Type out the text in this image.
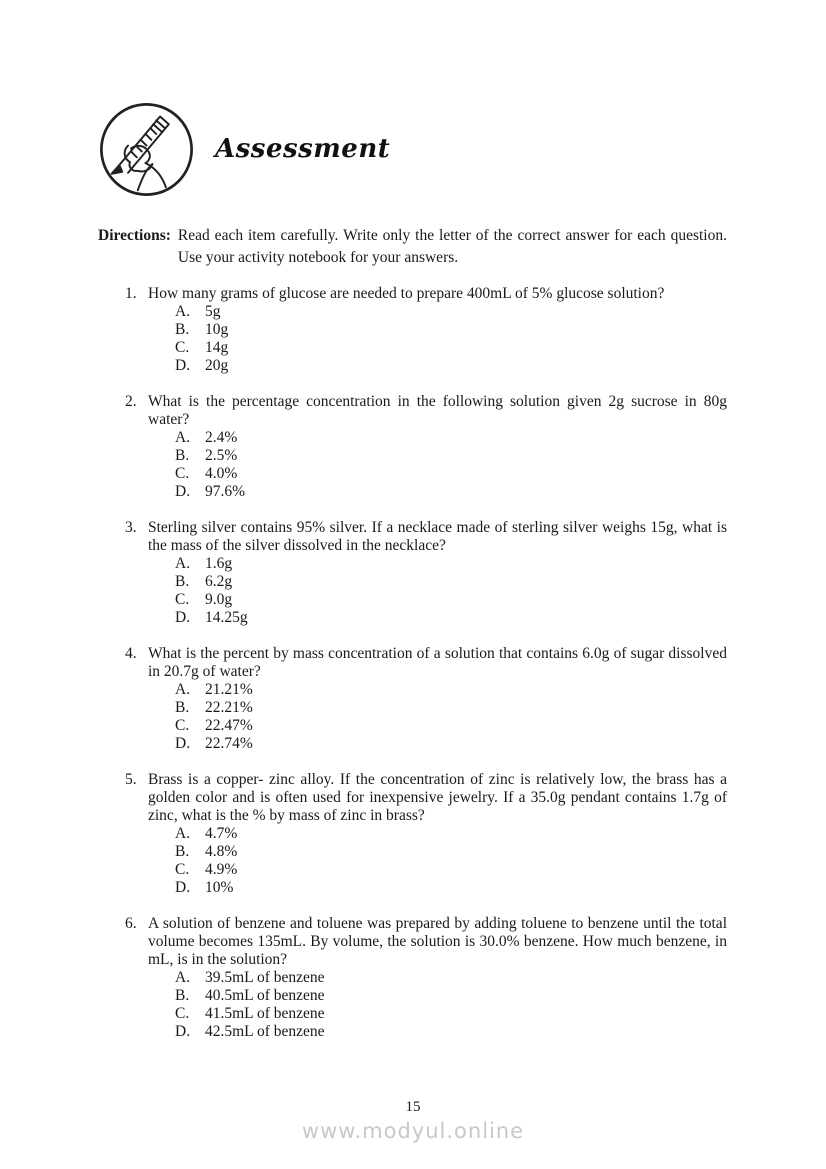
Assessment
Directions: Read each item carefully. Write only the letter of the correct answer for each question. Use your activity notebook for your answers.
1. How many grams of glucose are needed to prepare 400mL of 5% glucose solution?

A. 5g
B.	10g
C.	14g
D. 20g
2. What is the percentage concentration in the following solution given 2g sucrose in 80g water?

A. 2.4%
B.	2.5%
C.	4.0%
D. 97.6%
3. Sterling silver contains 95% silver. If a necklace made of sterling silver weighs 15g, what is the mass of the silver dissolved in the necklace?

A. 1.6g
B.	6.2g
C.	9.0g
D. 14.25g
4. What is the percent by mass concentration of a solution that contains 6.0g of sugar dissolved in 20.7g of water?

A. 21.21%
B.	22.21%
C.	22.47%
D. 22.74%
5. Brass is a copper- zinc alloy. If the concentration of zinc is relatively low, the brass has a golden color and is often used for inexpensive jewelry. If a 35.0g pendant contains 1.7g of zinc, what is the % by mass of zinc in brass?

A. 4.7%
B.	4.8%
C.	4.9%
D. 10%
6. A solution of benzene and toluene was prepared by adding toluene to benzene until the total volume becomes 135mL. By volume, the solution is 30.0% benzene. How much benzene, in mL, is in the solution?

A. 39.5mL of benzene
B.	40.5mL of benzene
C.	41.5mL of benzene
D. 42.5mL of benzene
15
www.modyul.online
